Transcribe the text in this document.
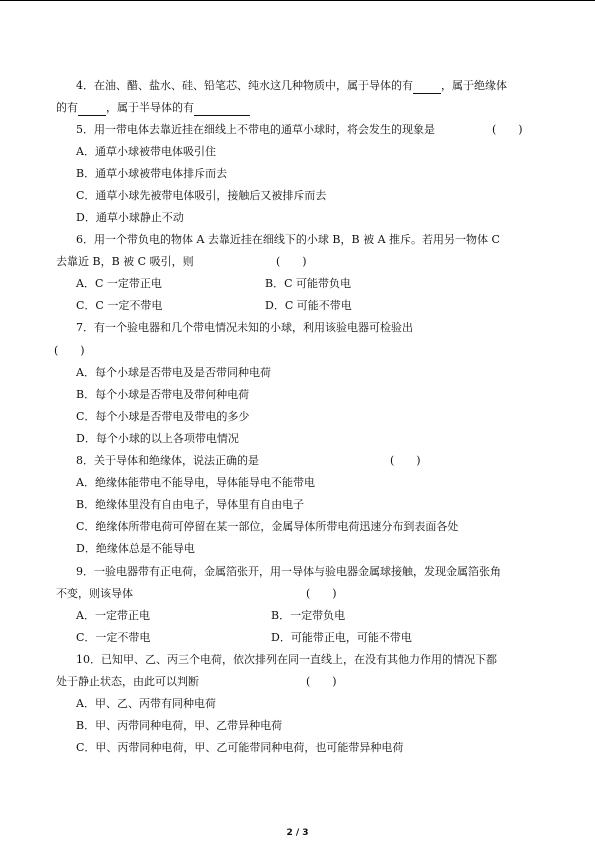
4．在油、醋、盐水、硅、铅笔芯、纯水这几种物质中，属于导体的有	，属于绝缘体
的有	，属于半导体的有
5．用一带电体去靠近挂在细线上不带电的通草小球时，将会发生的现象是	(　　)
A．通草小球被带电体吸引住
B．通草小球被带电体排斥而去
C．通草小球先被带电体吸引，接触后又被排斥而去
D．通草小球静止不动
6．用一个带负电的物体 A 去靠近挂在细线下的小球 B，B 被 A 推斥。若用另一物体 C
去靠近 B，B 被 C 吸引，则	(　　)
A．C 一定带正电	B．C 可能带负电
C．C 一定不带电	D．C 可能不带电
7．有一个验电器和几个带电情况未知的小球，利用该验电器可检验出
(　　)
A．每个小球是否带电及是否带同种电荷
B．每个小球是否带电及带何种电荷
C．每个小球是否带电及带电的多少
D．每个小球的以上各项带电情况
8．关于导体和绝缘体，说法正确的是	(　　)
A．绝缘体能带电不能导电，导体能导电不能带电
B．绝缘体里没有自由电子，导体里有自由电子
C．绝缘体所带电荷可停留在某一部位，金属导体所带电荷迅速分布到表面各处
D．绝缘体总是不能导电
9．一验电器带有正电荷，金属箔张开，用一导体与验电器金属球接触，发现金属箔张角
不变，则该导体	(　　)
A．一定带正电	B．一定带负电
C．一定不带电	D．可能带正电，可能不带电
10．已知甲、乙、丙三个电荷，依次排列在同一直线上，在没有其他力作用的情况下都
处于静止状态，由此可以判断	(　　)
A．甲、乙、丙带有同种电荷
B．甲、丙带同种电荷，甲、乙带异种电荷
C．甲、丙带同种电荷，甲、乙可能带同种电荷，也可能带异种电荷
2 / 3
